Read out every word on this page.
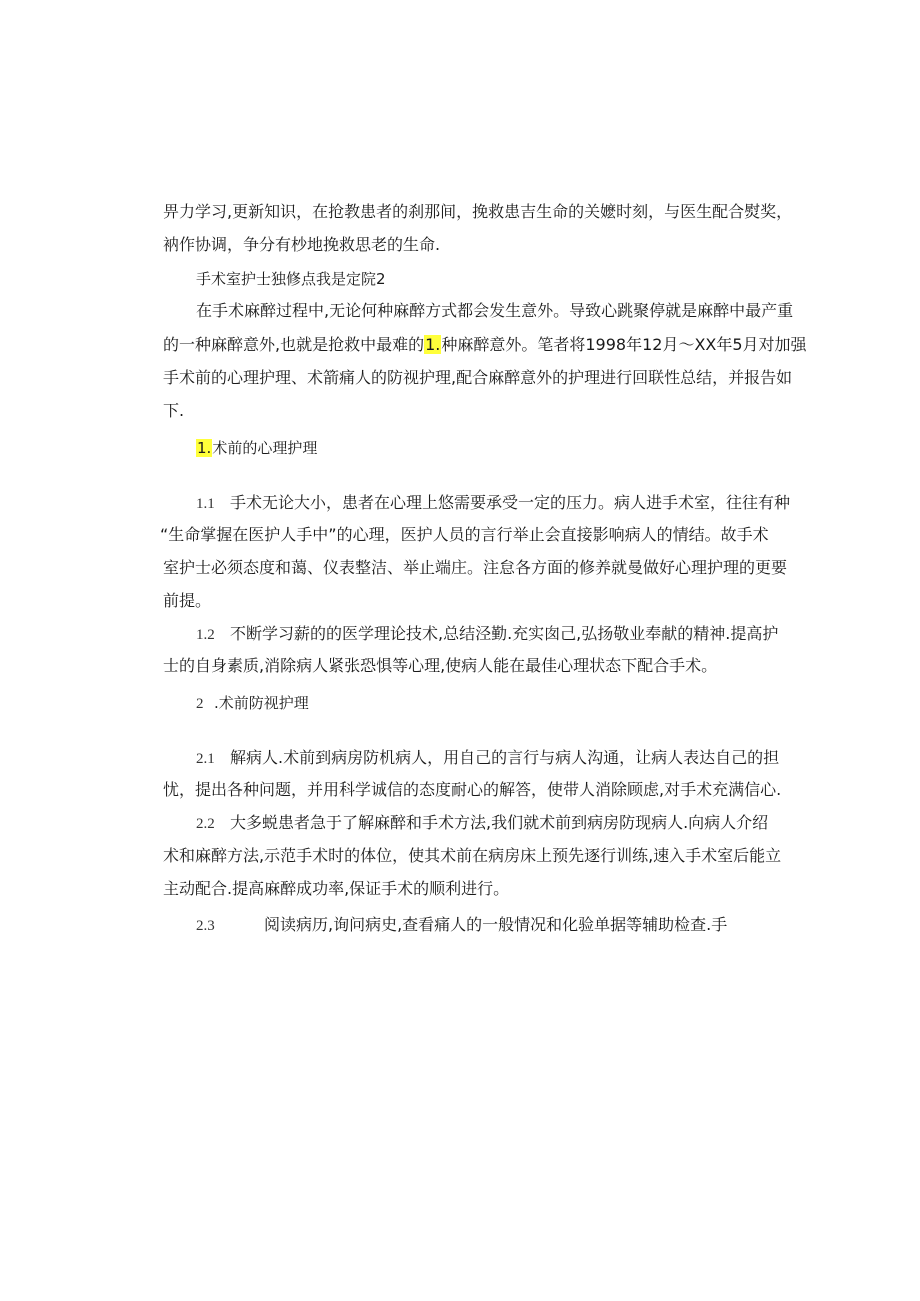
畀力学习,更新知识，在抢教患者的刹那间，挽救患吉生命的关嬷时刻，与医生配合熨奖，
衲作协调，争分有杪地挽救思老的生命.
手术室护士独修点我是定院2
在手术麻醉过程中,无论何种麻醉方式都会发生意外。导致心跳聚停就是麻醉中最产重
的一种麻醉意外,也就是抢救中最难的1.种麻醉意外。笔者将1998年12月〜XX年5月对加强
手术前的心理护理、术箭痛人的防视护理,配合麻醉意外的护理进行回联性总结，并报告如
下.
1.术前的心理护理
1.1 手术无论大小，患者在心理上悠需要承受一定的压力。病人进手术室，往往有种
“生命掌握在医护人手中”的心理，医护人员的言行举止会直接影响病人的情结。故手术
室护士必须态度和蔼、仪表整洁、举止端庄。注怠各方面的修养就曼做好心理护理的更要
前提。
1.2 不断学习薪的的医学理论技术,总结泾勤.充实囱己,弘扬敬业奉献的精神.提高护
士的自身素质,消除病人紧张恐惧等心理,使病人能在最佳心理状态下配合手术。
2 .术前防视护理
2.1 解病人.术前到病房防机病人，用自己的言行与病人沟通，让病人表达自己的担
忧，提出各种问题，并用科学诚信的态度耐心的解答，使带人消除顾虑,对手术充满信心.
2.2 大多蜕患者急于了解麻醉和手术方法,我们就术前到病房防现病人.向病人介绍
术和麻醉方法,示范手术时的体位，使其术前在病房床上预先逐行训练,速入手术室后能立
主动配合.提高麻醉成功率,保证手术的顺利进行。
2.3	阅读病历,询问病史,查看痛人的一般情况和化验单据等辅助检查.手
